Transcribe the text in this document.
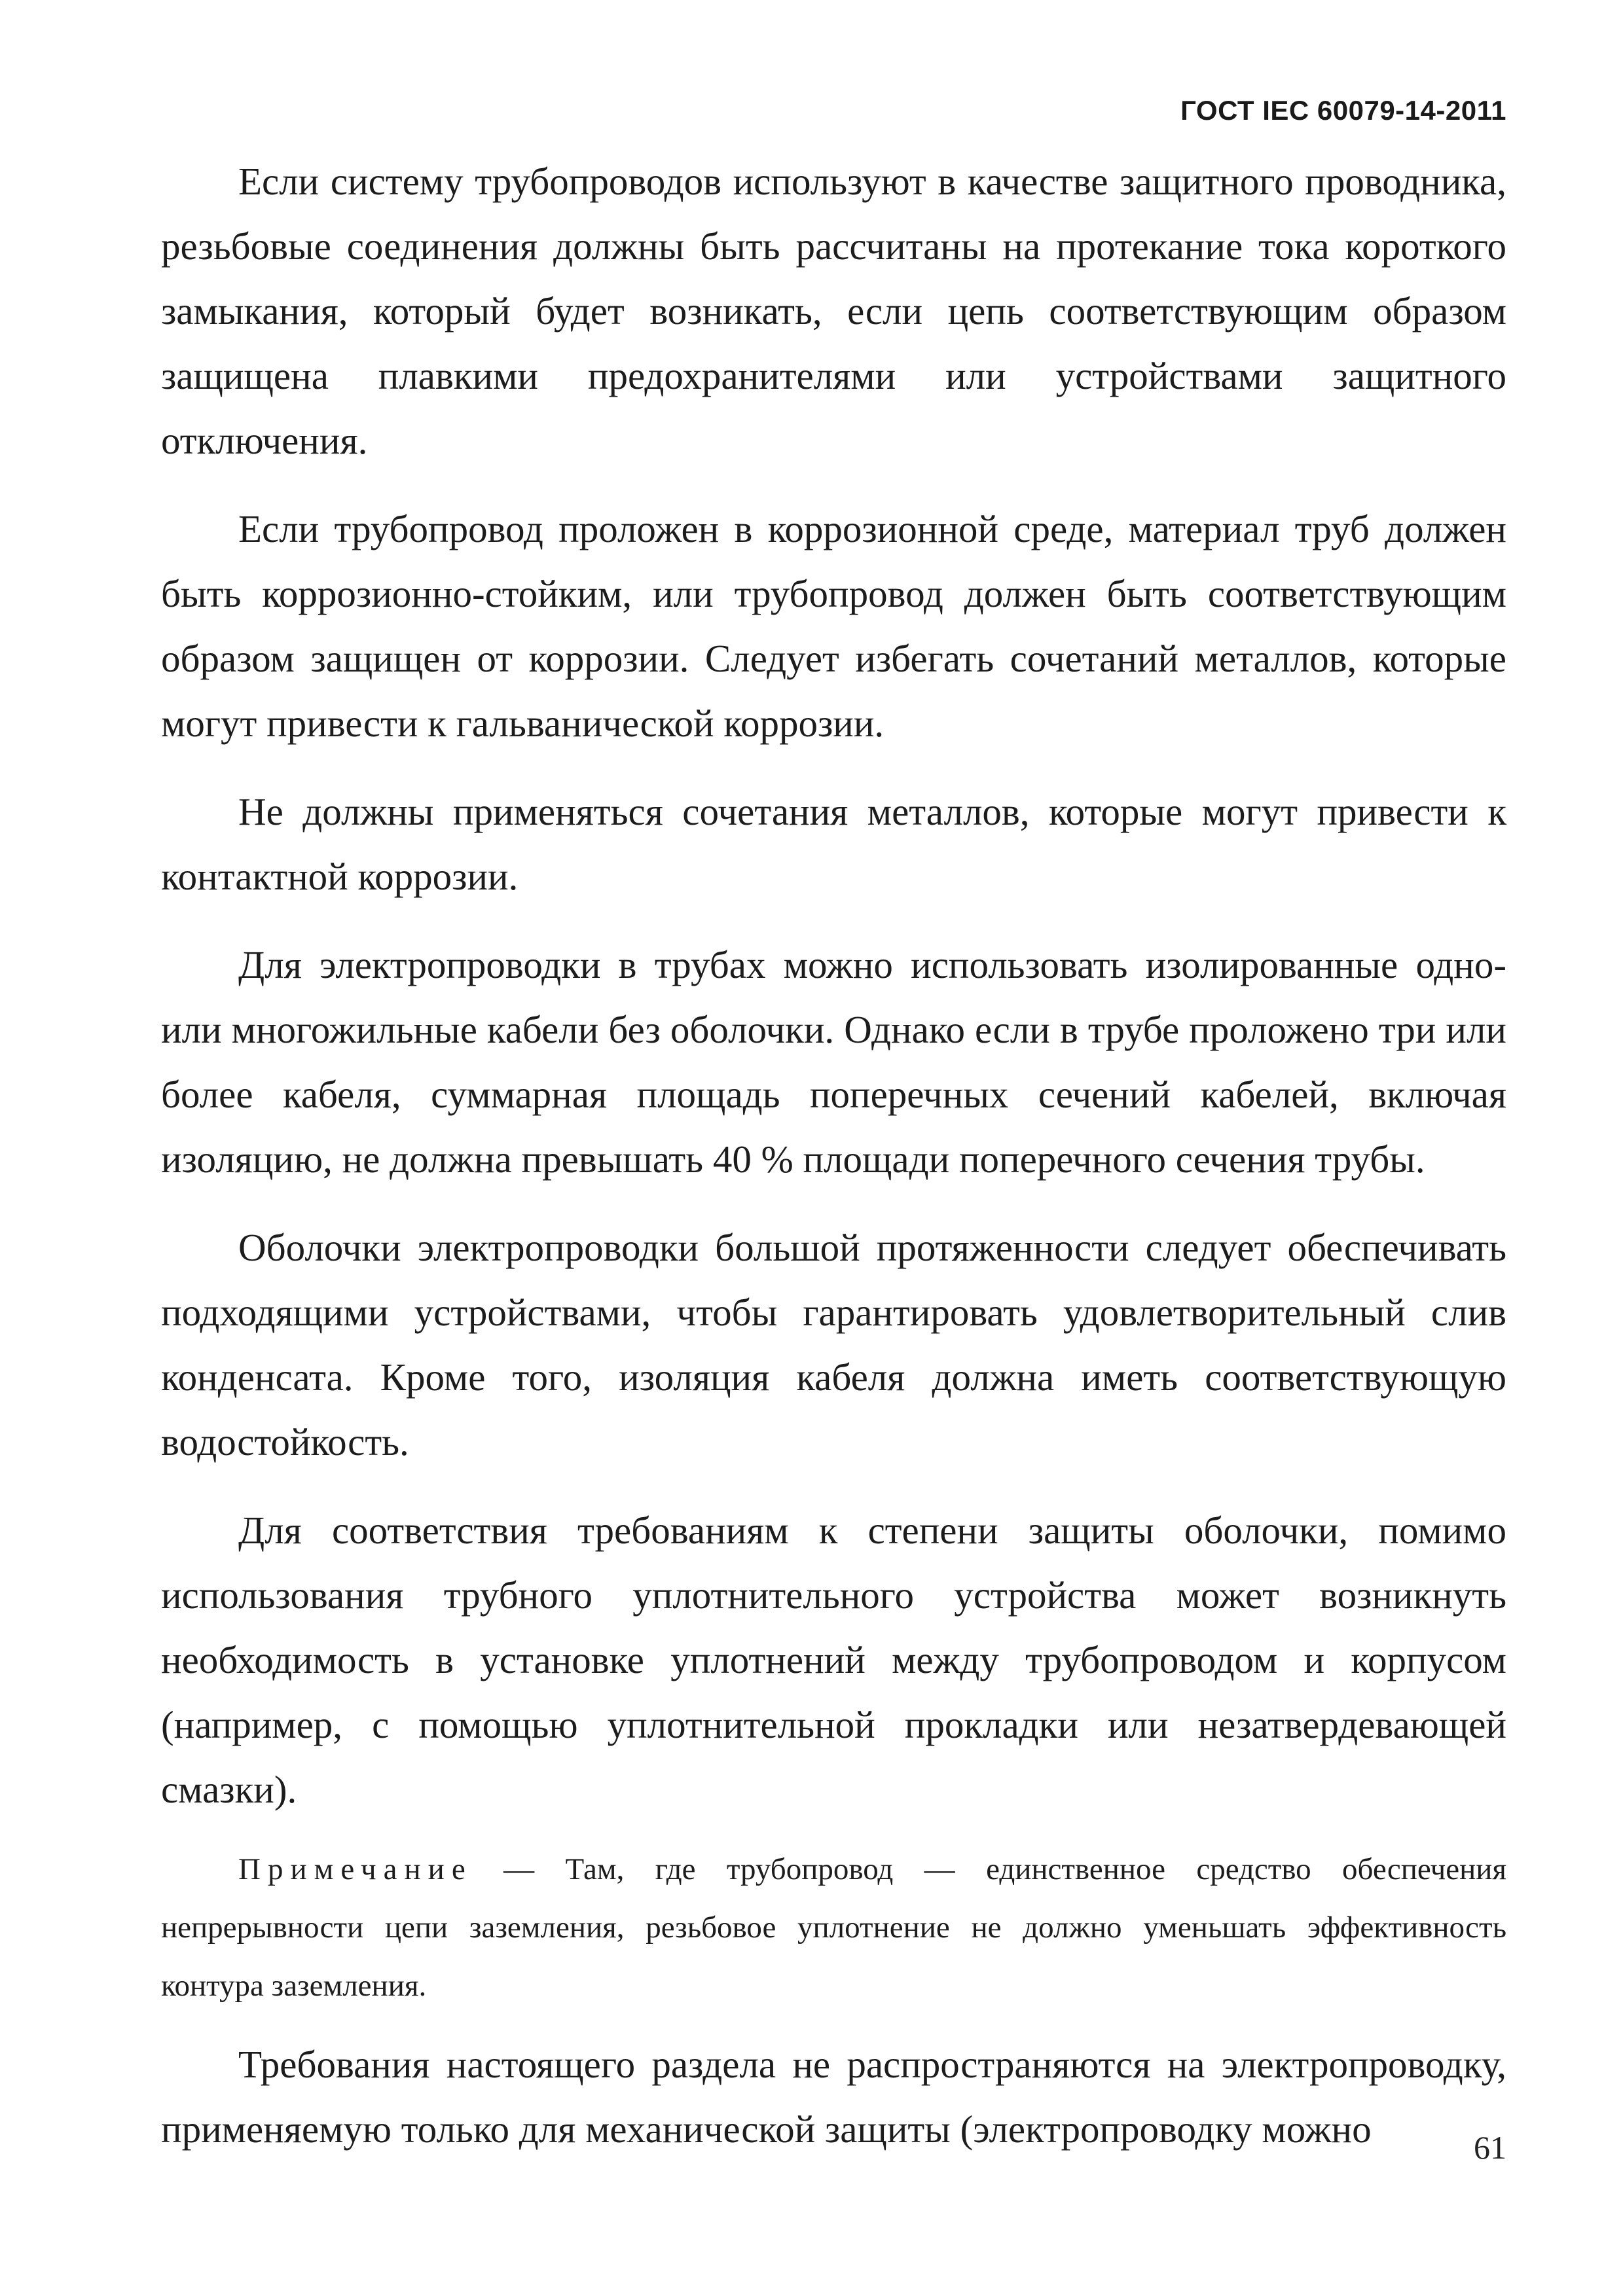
ГОСТ IEC 60079-14-2011

Если систему трубопроводов используют в качестве защитного проводника, резьбовые соединения должны быть рассчитаны на протекание тока короткого замыкания, который будет возникать, если цепь соответствующим образом защищена плавкими предохранителями или устройствами защитного отключения.

Если трубопровод проложен в коррозионной среде, материал труб должен быть коррозионно-стойким, или трубопровод должен быть соответствующим образом защищен от коррозии. Следует избегать сочетаний металлов, которые могут привести к гальванической коррозии.

Не должны применяться сочетания металлов, которые могут привести к контактной коррозии.

Для электропроводки в трубах можно использовать изолированные одно- или многожильные кабели без оболочки. Однако если в трубе проложено три или более кабеля, суммарная площадь поперечных сечений кабелей, включая изоляцию, не должна превышать 40 % площади поперечного сечения трубы.

Оболочки электропроводки большой протяженности следует обеспечивать подходящими устройствами, чтобы гарантировать удовлетворительный слив конденсата. Кроме того, изоляция кабеля должна иметь соответствующую водостойкость.

Для соответствия требованиям к степени защиты оболочки, помимо использования трубного уплотнительного устройства может возникнуть необходимость в установке уплотнений между трубопроводом и корпусом (например, с помощью уплотнительной прокладки или незатвердевающей смазки).

Примечание — Там, где трубопровод — единственное средство обеспечения непрерывности цепи заземления, резьбовое уплотнение не должно уменьшать эффективность контура заземления.

Требования настоящего раздела не распространяются на электропроводку, применяемую только для механической защиты (электропроводку можно	61
